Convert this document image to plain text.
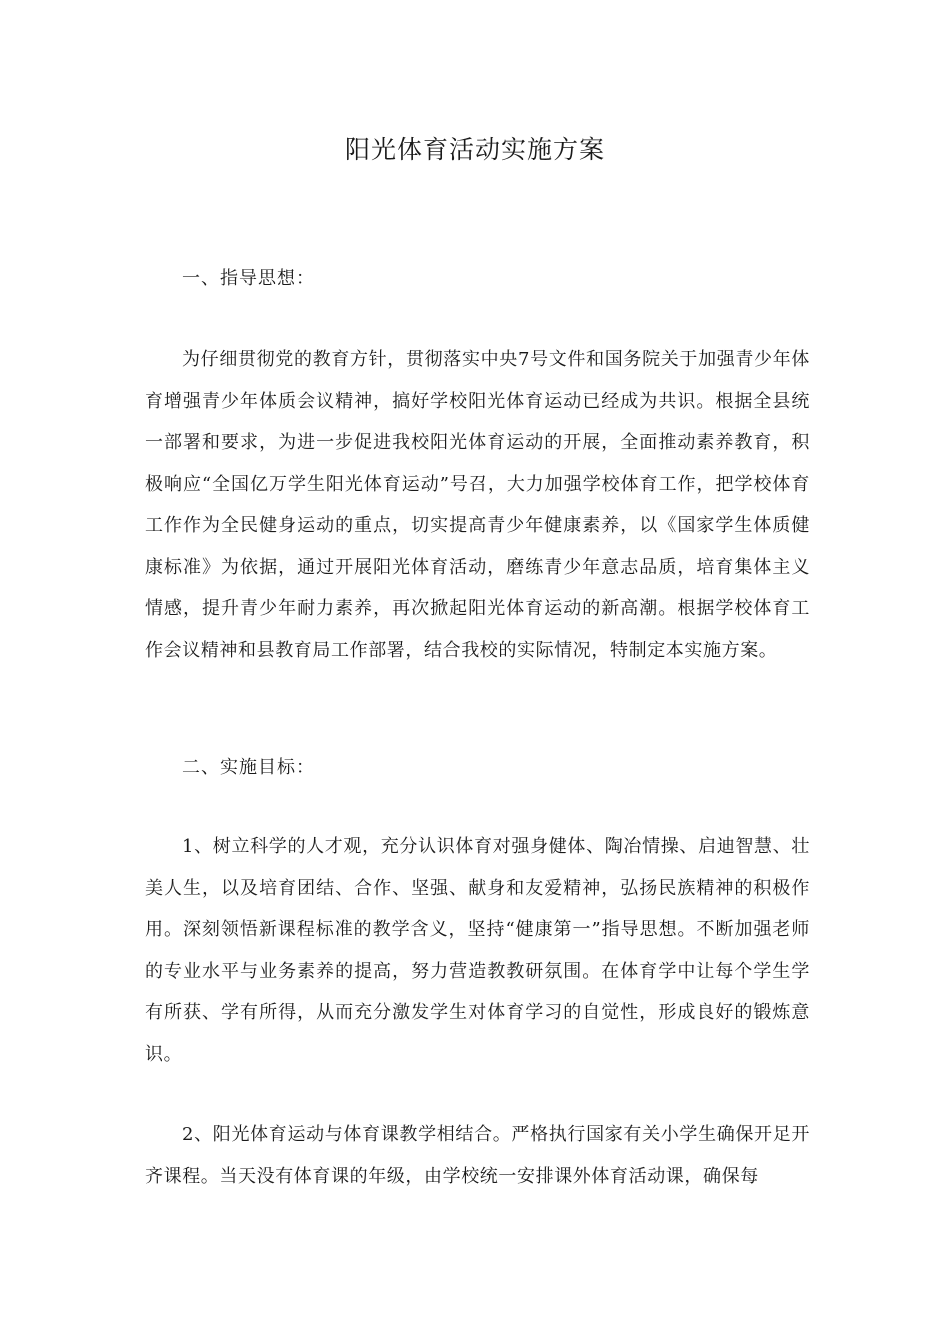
阳光体育活动实施方案
一、指导思想：

为仔细贯彻党的教育方针，贯彻落实中央7号文件和国务院关于加强青少年体育增强青少年体质会议精神，搞好学校阳光体育运动已经成为共识。根据全县统一部署和要求，为进一步促进我校阳光体育运动的开展，全面推动素养教育，积极响应“全国亿万学生阳光体育运动”号召，大力加强学校体育工作，把学校体育工作作为全民健身运动的重点，切实提高青少年健康素养，以《国家学生体质健康标准》为依据，通过开展阳光体育活动，磨练青少年意志品质，培育集体主义情感，提升青少年耐力素养，再次掀起阳光体育运动的新高潮。根据学校体育工作会议精神和县教育局工作部署，结合我校的实际情况，特制定本实施方案。

二、实施目标：

1、树立科学的人才观，充分认识体育对强身健体、陶冶情操、启迪智慧、壮美人生，以及培育团结、合作、坚强、献身和友爱精神，弘扬民族精神的积极作用。深刻领悟新课程标准的教学含义，坚持“健康第一”指导思想。不断加强老师的专业水平与业务素养的提高，努力营造教教研氛围。在体育学中让每个学生学有所获、学有所得，从而充分激发学生对体育学习的自觉性，形成良好的锻炼意识。

2、阳光体育运动与体育课教学相结合。严格执行国家有关小学生确保开足开齐课程。当天没有体育课的年级，由学校统一安排课外体育活动课，确保每
